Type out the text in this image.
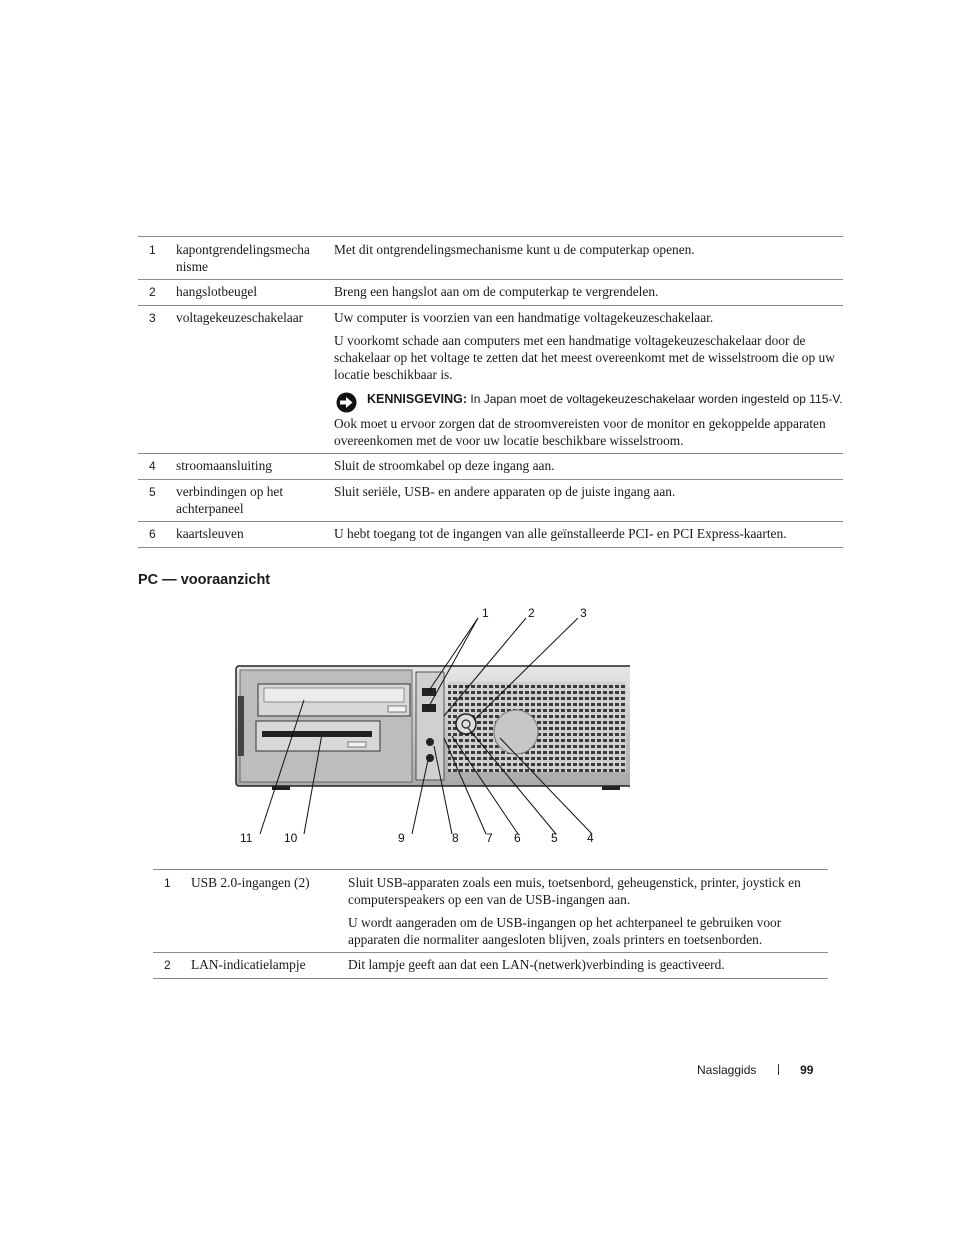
1	kapontgrendelingsmecha nisme	Met dit ontgrendelingsmechanisme kunt u de computerkap openen.

2	hangslotbeugel	Breng een hangslot aan om de computerkap te vergrendelen.

3	voltagekeuzeschakelaar	Uw computer is voorzien van een handmatige voltagekeuzeschakelaar.

U voorkomt schade aan computers met een handmatige voltagekeuzeschakelaar door de schakelaar op het voltage te zetten dat het meest overeenkomt met de wisselstroom die op uw locatie beschikbaar is.

KENNISGEVING: In Japan moet de voltagekeuzeschakelaar worden ingesteld op 115-V.

Ook moet u ervoor zorgen dat de stroomvereisten voor de monitor en gekoppelde apparaten overeenkomen met de voor uw locatie beschikbare wisselstroom.

4	stroomaansluiting	Sluit de stroomkabel op deze ingang aan.

5	verbindingen op het achterpaneel	Sluit seriële, USB- en andere apparaten op de juiste ingang aan.

6	kaartsleuven	U hebt toegang tot de ingangen van alle geïnstalleerde PCI- en PCI Express-kaarten.

PC — vooraanzicht
1	2	3
11	10	9	8 7 6	5 4
1	USB 2.0-ingangen (2)	Sluit USB-apparaten zoals een muis, toetsenbord, geheugenstick, printer, joystick en computerspeakers op een van de USB-ingangen aan.

U wordt aangeraden om de USB-ingangen op het achterpaneel te gebruiken voor apparaten die normaliter aangesloten blijven, zoals printers en toetsenborden.

2	LAN-indicatielampje	Dit lampje geeft aan dat een LAN-(netwerk)verbinding is geactiveerd.

Naslaggids	99
